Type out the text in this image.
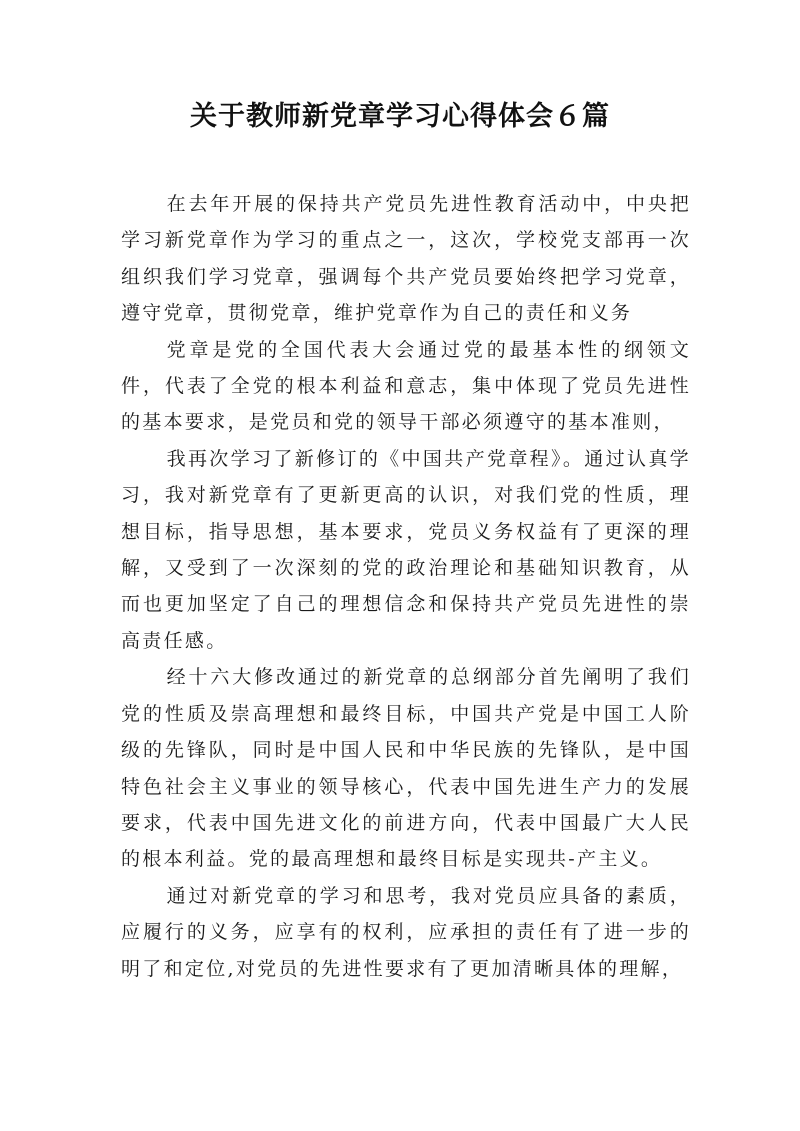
关于教师新党章学习心得体会６篇

在去年开展的保持共产党员先进性教育活动中，中央把学习新党章作为学习的重点之一，这次，学校党支部再一次组织我们学习党章，强调每个共产党员要始终把学习党章，遵守党章，贯彻党章，维护党章作为自己的责任和义务

党章是党的全国代表大会通过党的最基本性的纲领文件，代表了全党的根本利益和意志，集中体现了党员先进性的基本要求，是党员和党的领导干部必须遵守的基本准则，

我再次学习了新修订的《中国共产党章程》。通过认真学习，我对新党章有了更新更高的认识，对我们党的性质，理想目标，指导思想，基本要求，党员义务权益有了更深的理解，又受到了一次深刻的党的政治理论和基础知识教育，从而也更加坚定了自己的理想信念和保持共产党员先进性的崇高责任感。

经十六大修改通过的新党章的总纲部分首先阐明了我们党的性质及崇高理想和最终目标，中国共产党是中国工人阶级的先锋队，同时是中国人民和中华民族的先锋队，是中国特色社会主义事业的领导核心，代表中国先进生产力的发展要求，代表中国先进文化的前进方向，代表中国最广大人民的根本利益。党的最高理想和最终目标是实现共-产主义。

通过对新党章的学习和思考，我对党员应具备的素质，应履行的义务，应享有的权利，应承担的责任有了进一步的明了和定位,对党员的先进性要求有了更加清晰具体的理解，
